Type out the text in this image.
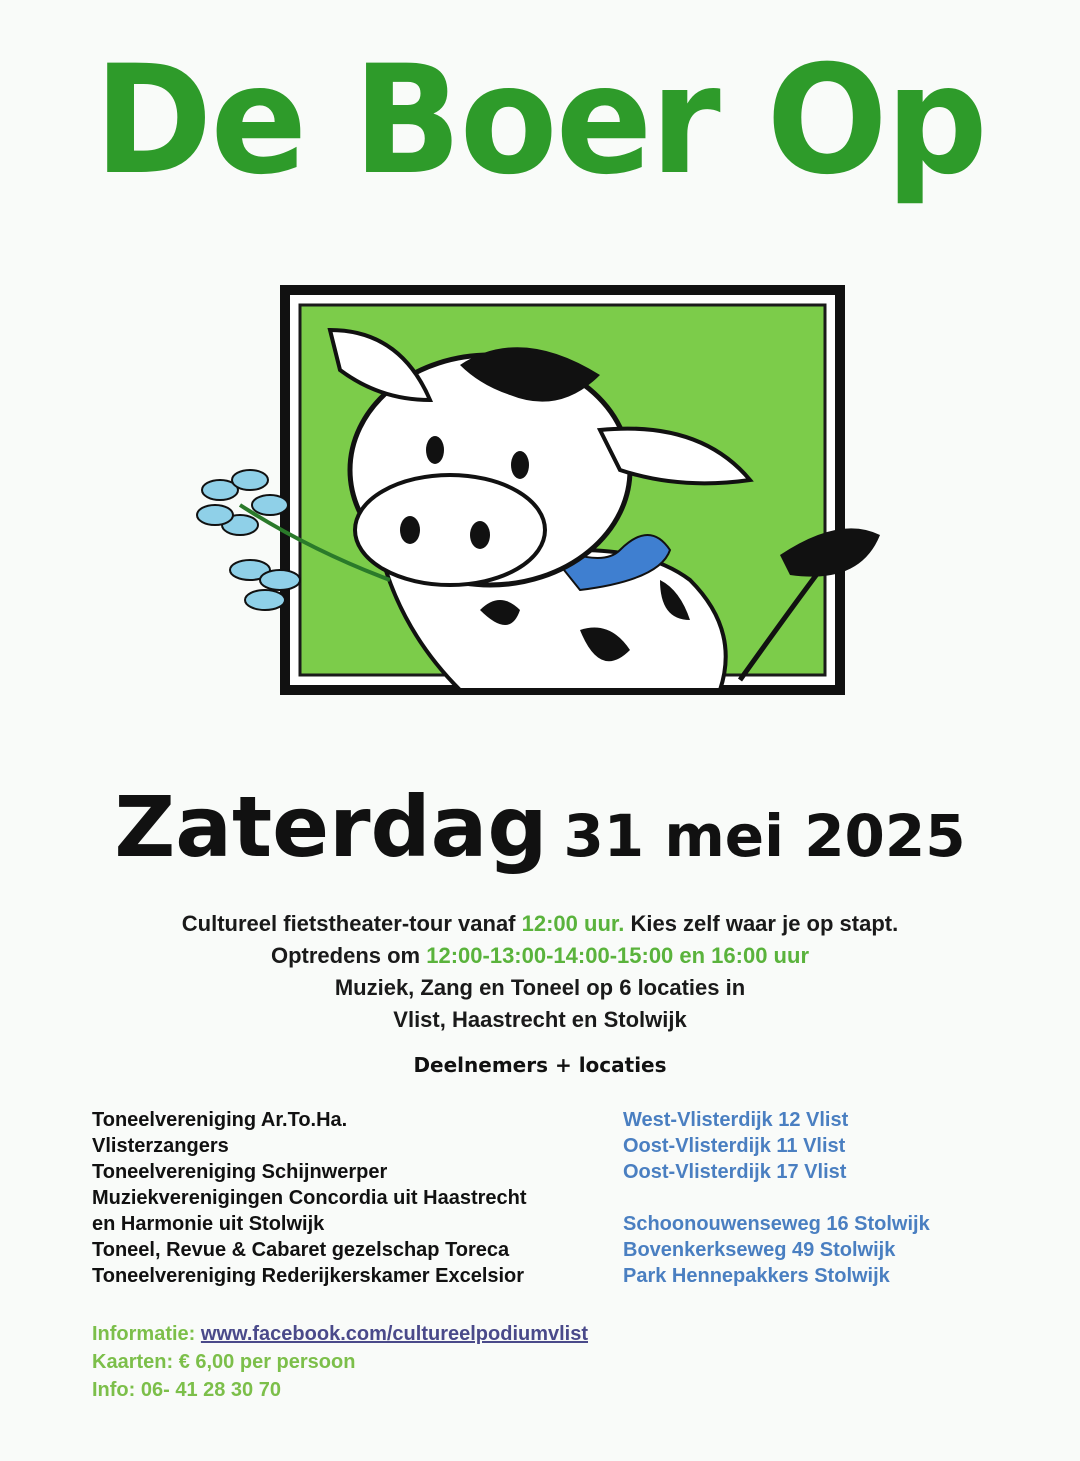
De Boer Op
Zaterdag 31 mei 2025
Cultureel fietstheater-tour vanaf 12:00 uur. Kies zelf waar je op stapt.
Optredens om 12:00-13:00-14:00-15:00 en 16:00 uur
Muziek, Zang en Toneel op 6 locaties in
Vlist, Haastrecht en Stolwijk
Deelnemers + locaties
Toneelvereniging Ar.To.Ha.
Vlisterzangers
Toneelvereniging Schijnwerper
Muziekverenigingen Concordia uit Haastrecht
en Harmonie uit Stolwijk
Toneel, Revue & Cabaret gezelschap Toreca
Toneelvereniging Rederijkerskamer Excelsior
West-Vlisterdijk 12 Vlist
Oost-Vlisterdijk 11 Vlist
Oost-Vlisterdijk 17 Vlist
Schoonouwenseweg 16 Stolwijk
Bovenkerkseweg 49 Stolwijk
Park Hennepakkers Stolwijk
Informatie: www.facebook.com/cultureelpodiumvlist
Kaarten: € 6,00 per persoon
Info: 06- 41 28 30 70
